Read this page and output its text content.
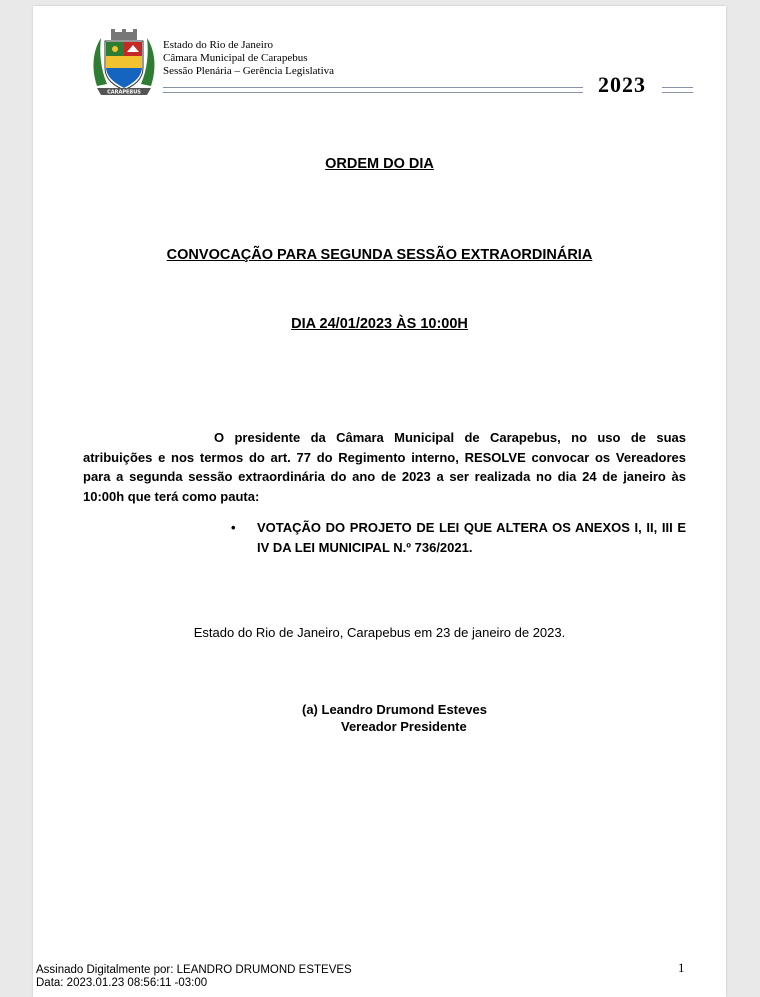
CARAPEBUS
Estado do Rio de Janeiro
Câmara Municipal de Carapebus
Sessão Plenária – Gerência Legislativa
2023
ORDEM DO DIA
CONVOCAÇÃO PARA SEGUNDA SESSÃO EXTRAORDINÁRIA
DIA 24/01/2023 ÀS 10:00H
O presidente da Câmara Municipal de Carapebus, no uso de suas atribuições e nos termos do art. 77 do Regimento interno, RESOLVE convocar os Vereadores para a segunda sessão extraordinária do ano de 2023 a ser realizada no dia 24 de janeiro às 10:00h que terá como pauta:
• VOTAÇÃO DO PROJETO DE LEI QUE ALTERA OS ANEXOS I, II, III E IV DA LEI MUNICIPAL N.º 736/2021.
Estado do Rio de Janeiro, Carapebus em 23 de janeiro de 2023.
(a) Leandro Drumond Esteves
Vereador Presidente
1
Assinado Digitalmente por: LEANDRO DRUMOND ESTEVES
Data: 2023.01.23 08:56:11 -03:00
